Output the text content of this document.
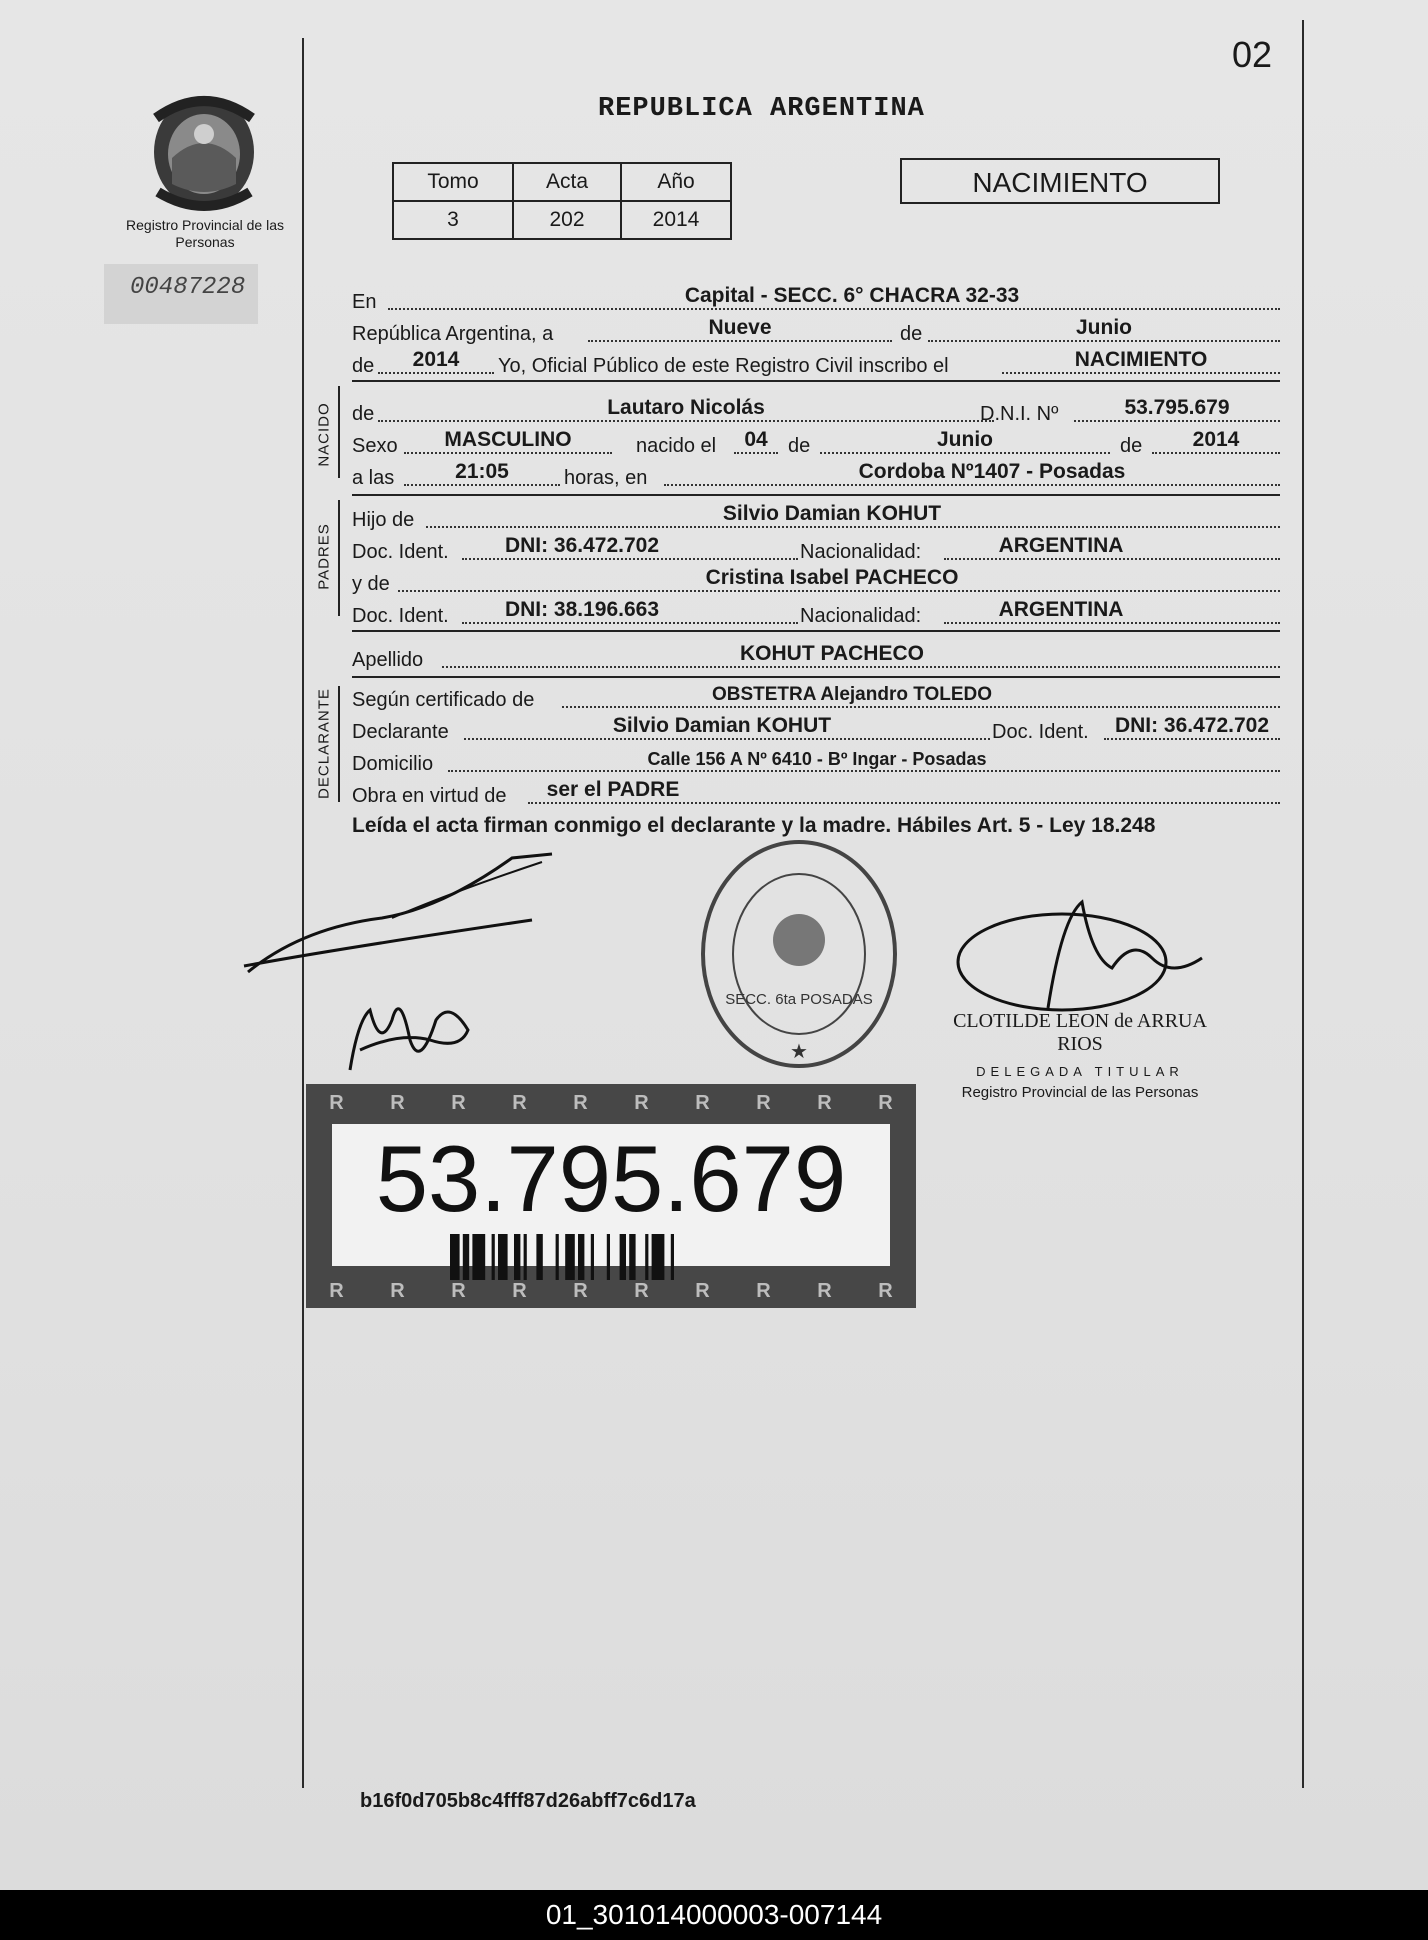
02
REPUBLICA ARGENTINA
Registro Provincial de las Personas
00487228
Tomo	Acta	Año
3	202	2014
NACIMIENTO
En	Capital - SECC. 6° CHACRA 32-33
República Argentina, a	Nueve	de	Junio
de	2014	Yo, Oficial Público de este Registro Civil inscribo el	NACIMIENTO
NACIDO de	Lautaro Nicolás	D.N.I. Nº	53.795.679
Sexo	MASCULINO	nacido el	04	de	Junio	de	2014
a las	21:05	horas, en	Cordoba Nº1407 - Posadas
PADRES
Hijo de	Silvio Damian KOHUT
Doc. Ident.	DNI: 36.472.702	Nacionalidad:	ARGENTINA
y de	Cristina Isabel PACHECO
Doc. Ident.	DNI: 38.196.663	Nacionalidad:	ARGENTINA
Apellido	KOHUT PACHECO
DECLARANTE Según certificado de	OBSTETRA Alejandro TOLEDO
Declarante	Silvio Damian KOHUT	Doc. Ident.	DNI: 36.472.702
Domicilio	Calle 156 A Nº 6410 - Bº Ingar - Posadas
Obra en virtud de	ser el PADRE
Leída el acta firman conmigo el declarante y la madre. Hábiles Art. 5 - Ley 18.248
SECC. 6ta POSADAS
★
CLOTILDE LEON de ARRUA RIOS
DELEGADA TITULAR
Registro Provincial de las Personas
R R R R R R R R R R
53.795.679
R R R R R R R R R R
b16f0d705b8c4fff87d26abff7c6d17a
01_301014000003-007144
